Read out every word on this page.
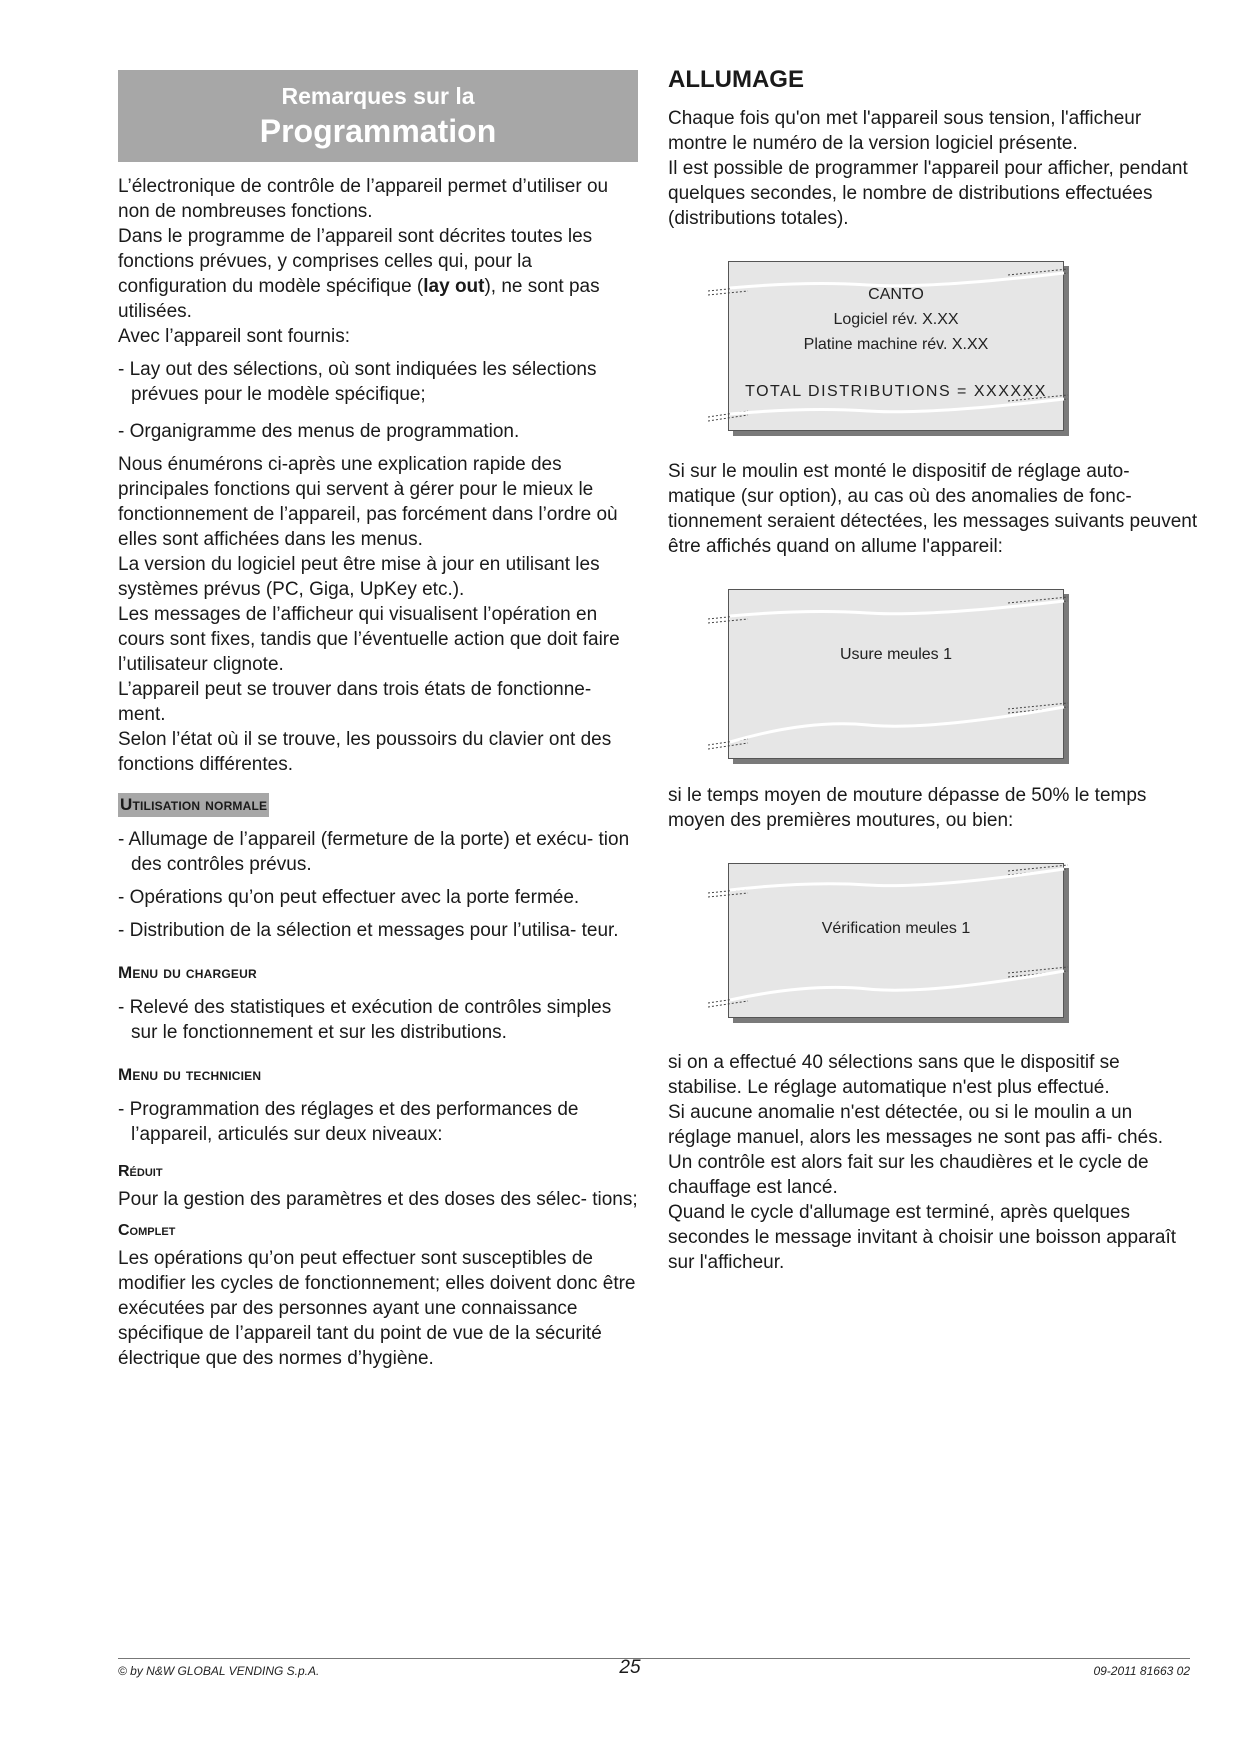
Remarques sur la
Programmation

L’électronique de contrôle de l’appareil permet d’utiliser ou non de nombreuses fonctions.

Dans le programme de l’appareil sont décrites toutes les fonctions prévues, y comprises celles qui, pour la configuration du modèle spécifique (lay out), ne sont pas utilisées.

Avec l’appareil sont fournis:

- Lay out des sélections, où sont indiquées les sélections prévues pour le modèle spécifique;

- Organigramme des menus de programmation.

Nous énumérons ci-après une explication rapide des principales fonctions qui servent à gérer pour le mieux le fonctionnement de l’appareil, pas forcément dans l’ordre où elles sont affichées dans les menus.

La version du logiciel peut être mise à jour en utilisant les systèmes prévus (PC, Giga, UpKey etc.).

Les messages de l’afficheur qui visualisent l’opération en cours sont fixes, tandis que l’éventuelle action que doit faire l’utilisateur clignote.

L’appareil peut se trouver dans trois états de fonctionne- ment.

Selon l’état où il se trouve, les poussoirs du clavier ont des fonctions différentes.

Utilisation normale

- Allumage de l’appareil (fermeture de la porte) et exécu- tion des contrôles prévus.

- Opérations qu’on peut effectuer avec la porte fermée.

- Distribution de la sélection et messages pour l’utilisa- teur.

Menu du chargeur

- Relevé des statistiques et exécution de contrôles simples sur le fonctionnement et sur les distributions.

Menu du technicien

- Programmation des réglages et des performances de l’appareil, articulés sur deux niveaux:

Réduit

Pour la gestion des paramètres et des doses des sélec- tions;

Complet

Les opérations qu’on peut effectuer sont susceptibles de modifier les cycles de fonctionnement; elles doivent donc être exécutées par des personnes ayant une connaissance spécifique de l’appareil tant du point de vue de la sécurité électrique que des normes d’hygiène.

ALLUMAGE

Chaque fois qu'on met l'appareil sous tension, l'afficheur montre le numéro de la version logiciel présente.

Il est possible de programmer l'appareil pour afficher, pendant quelques secondes, le nombre de distributions effectuées (distributions totales).

CANTO
Logiciel rév. X.XX
Platine machine rév. X.XX
TOTAL DISTRIBUTIONS = XXXXXX

Si sur le moulin est monté le dispositif de réglage auto- matique (sur option), au cas où des anomalies de fonc- tionnement seraient détectées, les messages suivants peuvent être affichés quand on allume l'appareil:

Usure meules 1

si le temps moyen de mouture dépasse de 50% le temps moyen des premières moutures, ou bien:

Vérification meules 1

si on a effectué 40 sélections sans que le dispositif se stabilise. Le réglage automatique n'est plus effectué.

Si aucune anomalie n'est détectée, ou si le moulin a un réglage manuel, alors les messages ne sont pas affi- chés.

Un contrôle est alors fait sur les chaudières et le cycle de chauffage est lancé.

Quand le cycle d'allumage est terminé, après quelques secondes le message invitant à choisir une boisson apparaît sur l'afficheur.

© by N&W GLOBAL VENDING S.p.A.	25	09-2011 81663 02
